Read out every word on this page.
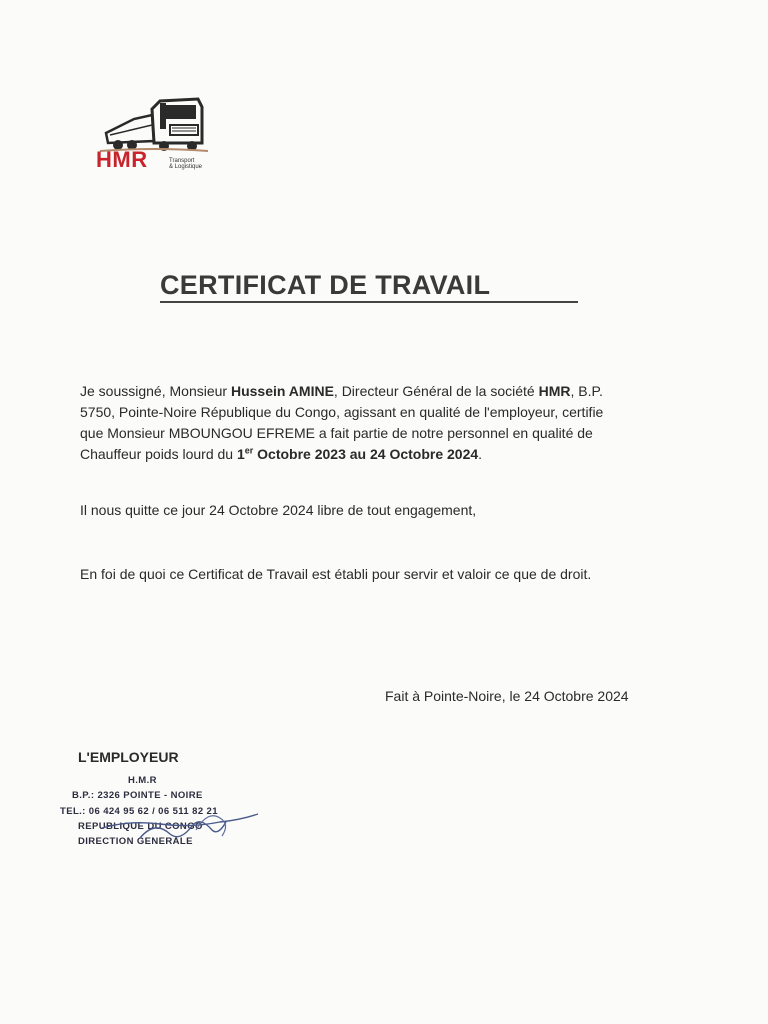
HMR	Transport
& Logistique
CERTIFICAT DE TRAVAIL
Je soussigné, Monsieur Hussein AMINE, Directeur Général de la société HMR, B.P.
5750, Pointe-Noire République du Congo, agissant en qualité de l'employeur, certifie
que Monsieur MBOUNGOU EFREME a fait partie de notre personnel en qualité de
Chauffeur poids lourd du 1er Octobre 2023 au 24 Octobre 2024.
Il nous quitte ce jour 24 Octobre 2024 libre de tout engagement,
En foi de quoi ce Certificat de Travail est établi pour servir et valoir ce que de droit.
Fait à Pointe-Noire, le 24 Octobre 2024
L'EMPLOYEUR
H.M.R
B.P.: 2326 POINTE - NOIRE
TEL.: 06 424 95 62 / 06 511 82 21
REPUBLIQUE DU CONGO
DIRECTION GENERALE
